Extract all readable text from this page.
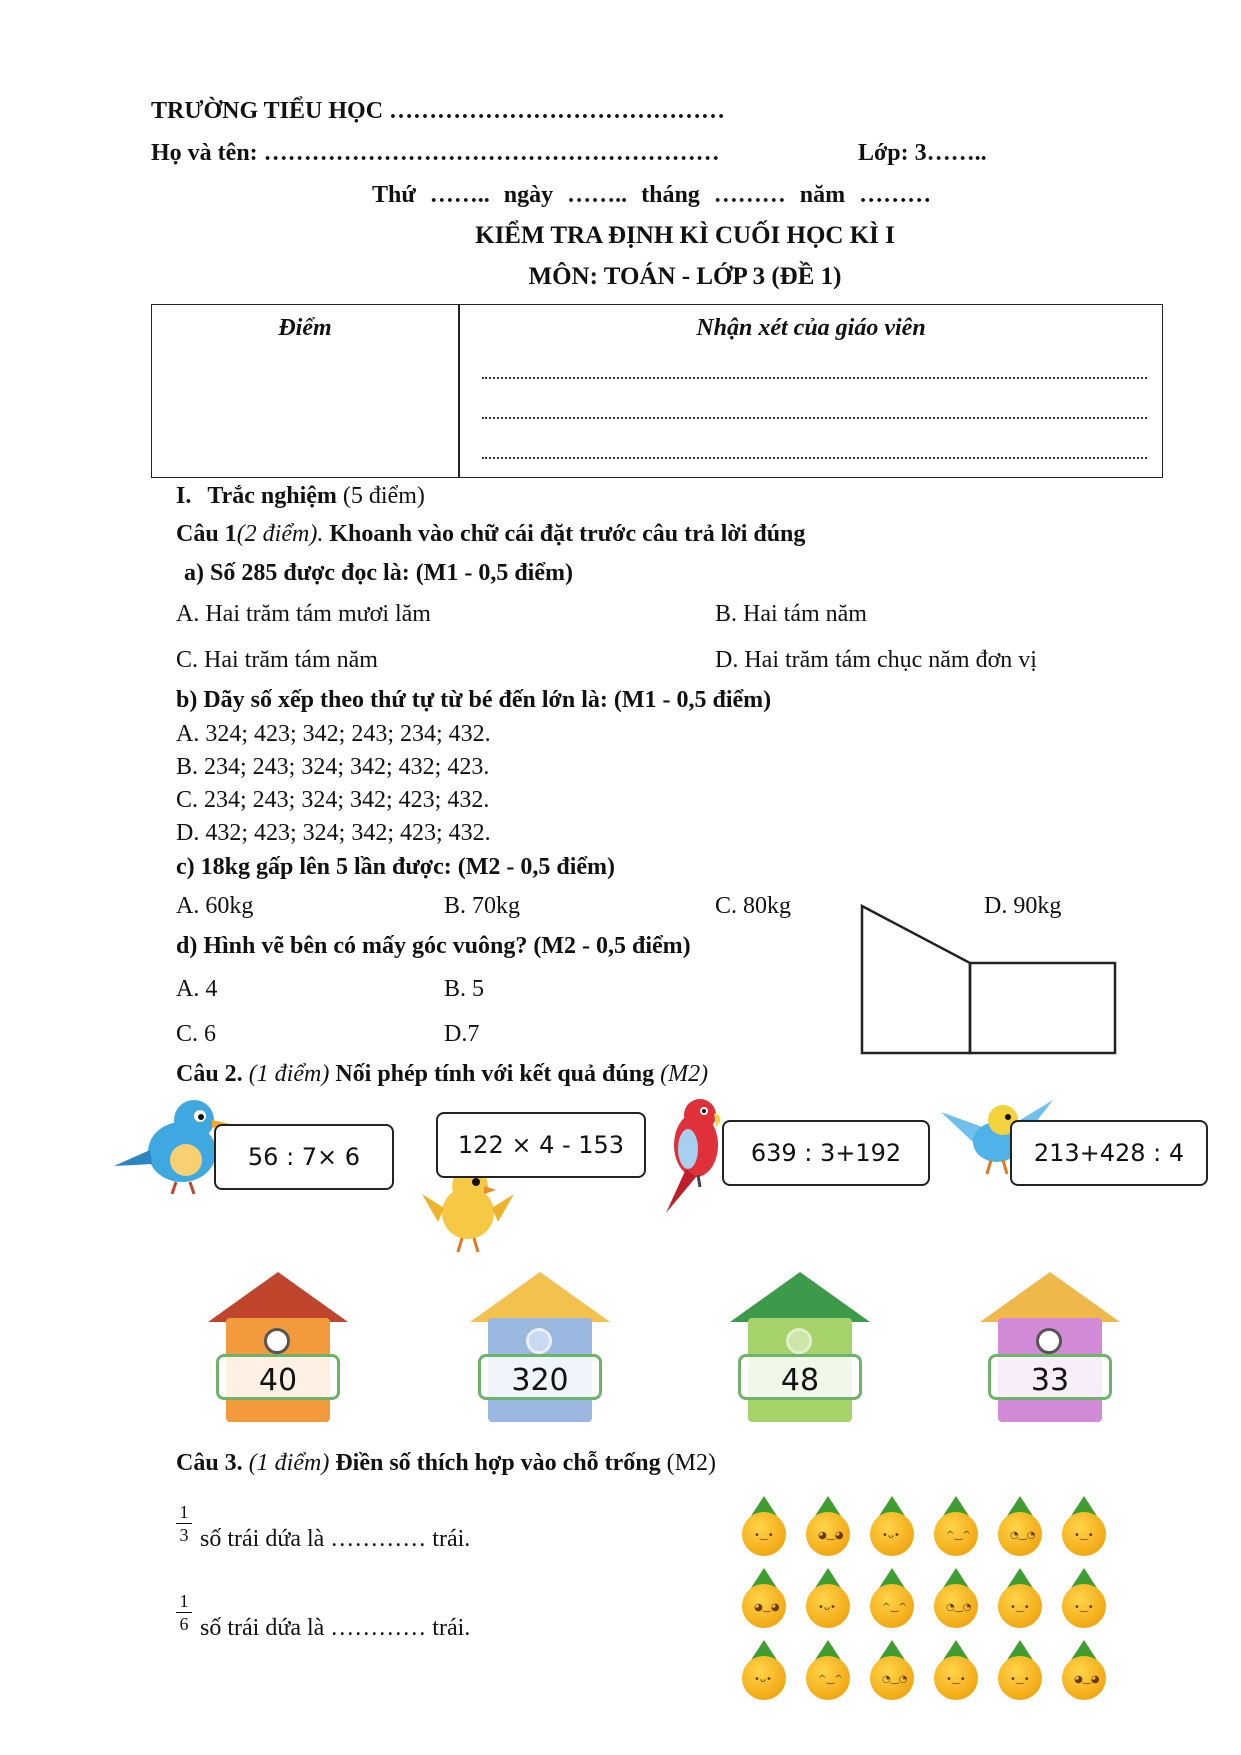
TRƯỜNG TIỂU HỌC ……………………………………
Họ và tên: …………………………………………………	Lớp: 3……..
Thứ …….. ngày …….. tháng ……… năm ………
KIỂM TRA ĐỊNH KÌ CUỐI HỌC KÌ I
MÔN: TOÁN - LỚP 3 (ĐỀ 1)
Điểm	Nhận xét của giáo viên
I. Trắc nghiệm (5 điểm)
Câu 1(2 điểm). Khoanh vào chữ cái đặt trước câu trả lời đúng
a) Số 285 được đọc là: (M1 - 0,5 điểm)
A. Hai trăm tám mươi lăm	B. Hai tám năm
C. Hai trăm tám năm	D. Hai trăm tám chục năm đơn vị
b) Dãy số xếp theo thứ tự từ bé đến lớn là: (M1 - 0,5 điểm)
A. 324; 423; 342; 243; 234; 432.
B. 234; 243; 324; 342; 432; 423.
C. 234; 243; 324; 342; 423; 432.
D. 432; 423; 324; 342; 423; 432.
c) 18kg gấp lên 5 lần được: (M2 - 0,5 điểm)
A. 60kg	B. 70kg	C. 80kg	D. 90kg
d) Hình vẽ bên có mấy góc vuông? (M2 - 0,5 điểm)
A. 4	B. 5
C. 6	D.7
Câu 2. (1 điểm) Nối phép tính với kết quả đúng (M2)
56 : 7× 6	122 × 4 - 153	639 : 3+192	213+428 : 4
40	320	48	33
Câu 3. (1 điểm) Điền số thích hợp vào chỗ trống (M2)
1
3 số trái dứa là ………… trái.
1
6 số trái dứa là ………… trái.
•‿•	◕‿◕	•ᴗ•	^‿^	◔‿◔	•‿•
◕‿◕	•ᴗ•	^‿^	◔‿◔	•‿•	•‿•
•ᴗ•	^‿^	◔‿◔	•‿•	•‿•	◕‿◕
